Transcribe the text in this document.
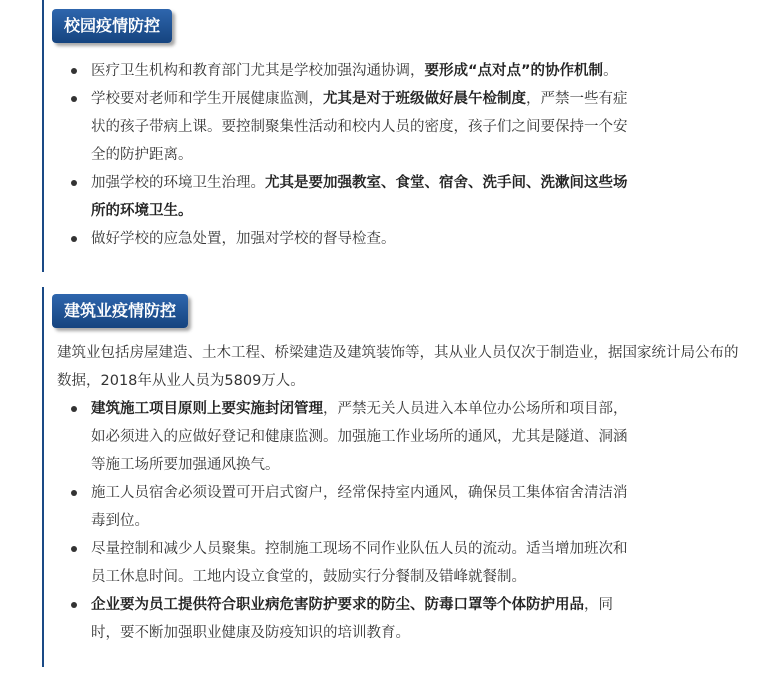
校园疫情防控
医疗卫生机构和教育部门尤其是学校加强沟通协调，要形成“点对点”的协作机制。
学校要对老师和学生开展健康监测，尤其是对于班级做好晨午检制度，严禁一些有症状的孩子带病上课。要控制聚集性活动和校内人员的密度，孩子们之间要保持一个安全的防护距离。
加强学校的环境卫生治理。尤其是要加强教室、食堂、宿舍、洗手间、洗漱间这些场所的环境卫生。
做好学校的应急处置，加强对学校的督导检查。
建筑业疫情防控

建筑业包括房屋建造、土木工程、桥梁建造及建筑装饰等，其从业人员仅次于制造业，据国家统计局公布的数据，2018年从业人员为5809万人。

建筑施工项目原则上要实施封闭管理，严禁无关人员进入本单位办公场所和项目部，如必须进入的应做好登记和健康监测。加强施工作业场所的通风，尤其是隧道、洞涵等施工场所要加强通风换气。
施工人员宿舍必须设置可开启式窗户，经常保持室内通风，确保员工集体宿舍清洁消毒到位。
尽量控制和减少人员聚集。控制施工现场不同作业队伍人员的流动。适当增加班次和员工休息时间。工地内设立食堂的，鼓励实行分餐制及错峰就餐制。
企业要为员工提供符合职业病危害防护要求的防尘、防毒口罩等个体防护用品，同时，要不断加强职业健康及防疫知识的培训教育。
